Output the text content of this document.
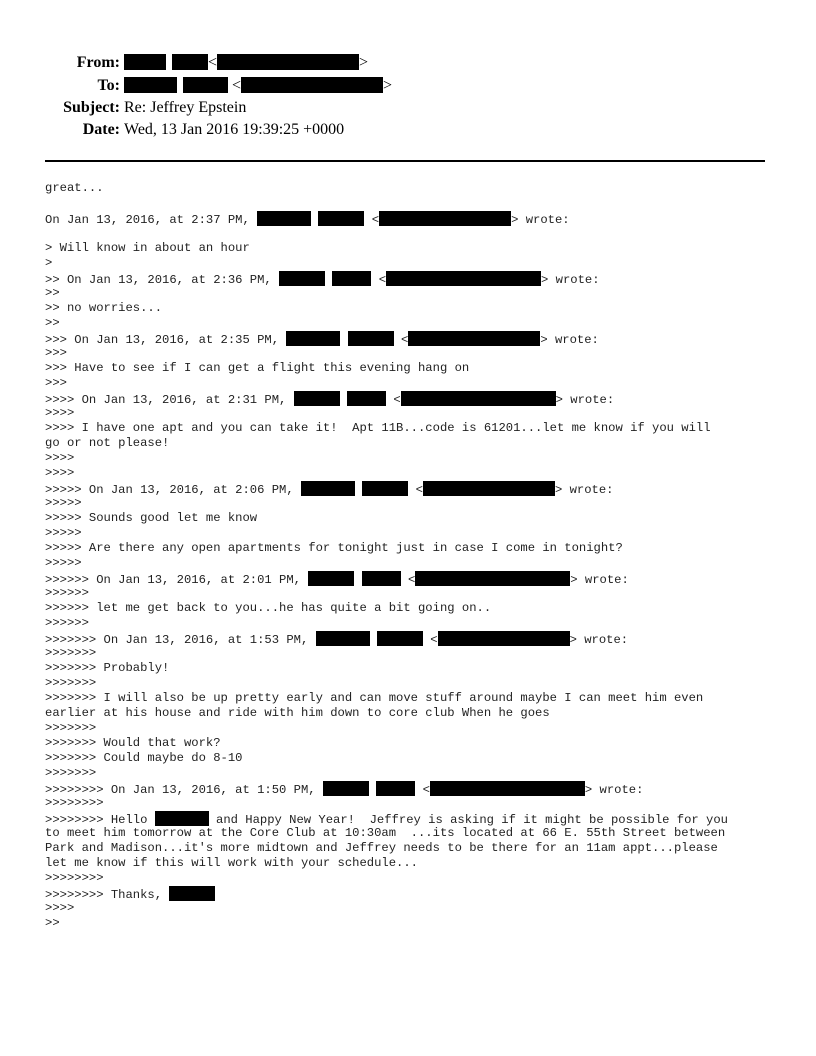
From:	<	>
To:	<	>
Subject: Re: Jeffrey Epstein
Date: Wed, 13 Jan 2016 19:39:25 +0000
great...
On Jan 13, 2016, at 2:37 PM,	<	> wrote:
> Will know in about an hour
>
>> On Jan 13, 2016, at 2:36 PM,	<	> wrote:
>>
>> no worries...
>>
>>> On Jan 13, 2016, at 2:35 PM,	<	> wrote:
>>>
>>> Have to see if I can get a flight this evening hang on
>>>
>>>> On Jan 13, 2016, at 2:31 PM,	<	> wrote:
>>>>
>>>> I have one apt and you can take it!  Apt 11B...code is 61201...let me know if you will
go or not please!
>>>>
>>>>
>>>>> On Jan 13, 2016, at 2:06 PM,	<	> wrote:
>>>>>
>>>>> Sounds good let me know
>>>>>
>>>>> Are there any open apartments for tonight just in case I come in tonight?
>>>>>
>>>>>> On Jan 13, 2016, at 2:01 PM,	<	> wrote:
>>>>>>
>>>>>> let me get back to you...he has quite a bit going on..
>>>>>>
>>>>>>> On Jan 13, 2016, at 1:53 PM,	<	> wrote:
>>>>>>>
>>>>>>> Probably!
>>>>>>>
>>>>>>> I will also be up pretty early and can move stuff around maybe I can meet him even
earlier at his house and ride with him down to core club When he goes
>>>>>>>
>>>>>>> Would that work?
>>>>>>> Could maybe do 8-10
>>>>>>>
>>>>>>>> On Jan 13, 2016, at 1:50 PM,	<	> wrote:
>>>>>>>>
>>>>>>>> Hello	and Happy New Year!  Jeffrey is asking if it might be possible for you
to meet him tomorrow at the Core Club at 10:30am  ...its located at 66 E. 55th Street between
Park and Madison...it's more midtown and Jeffrey needs to be there for an 11am appt...please
let me know if this will work with your schedule...
>>>>>>>>
>>>>>>>> Thanks,
>>>>
>>
